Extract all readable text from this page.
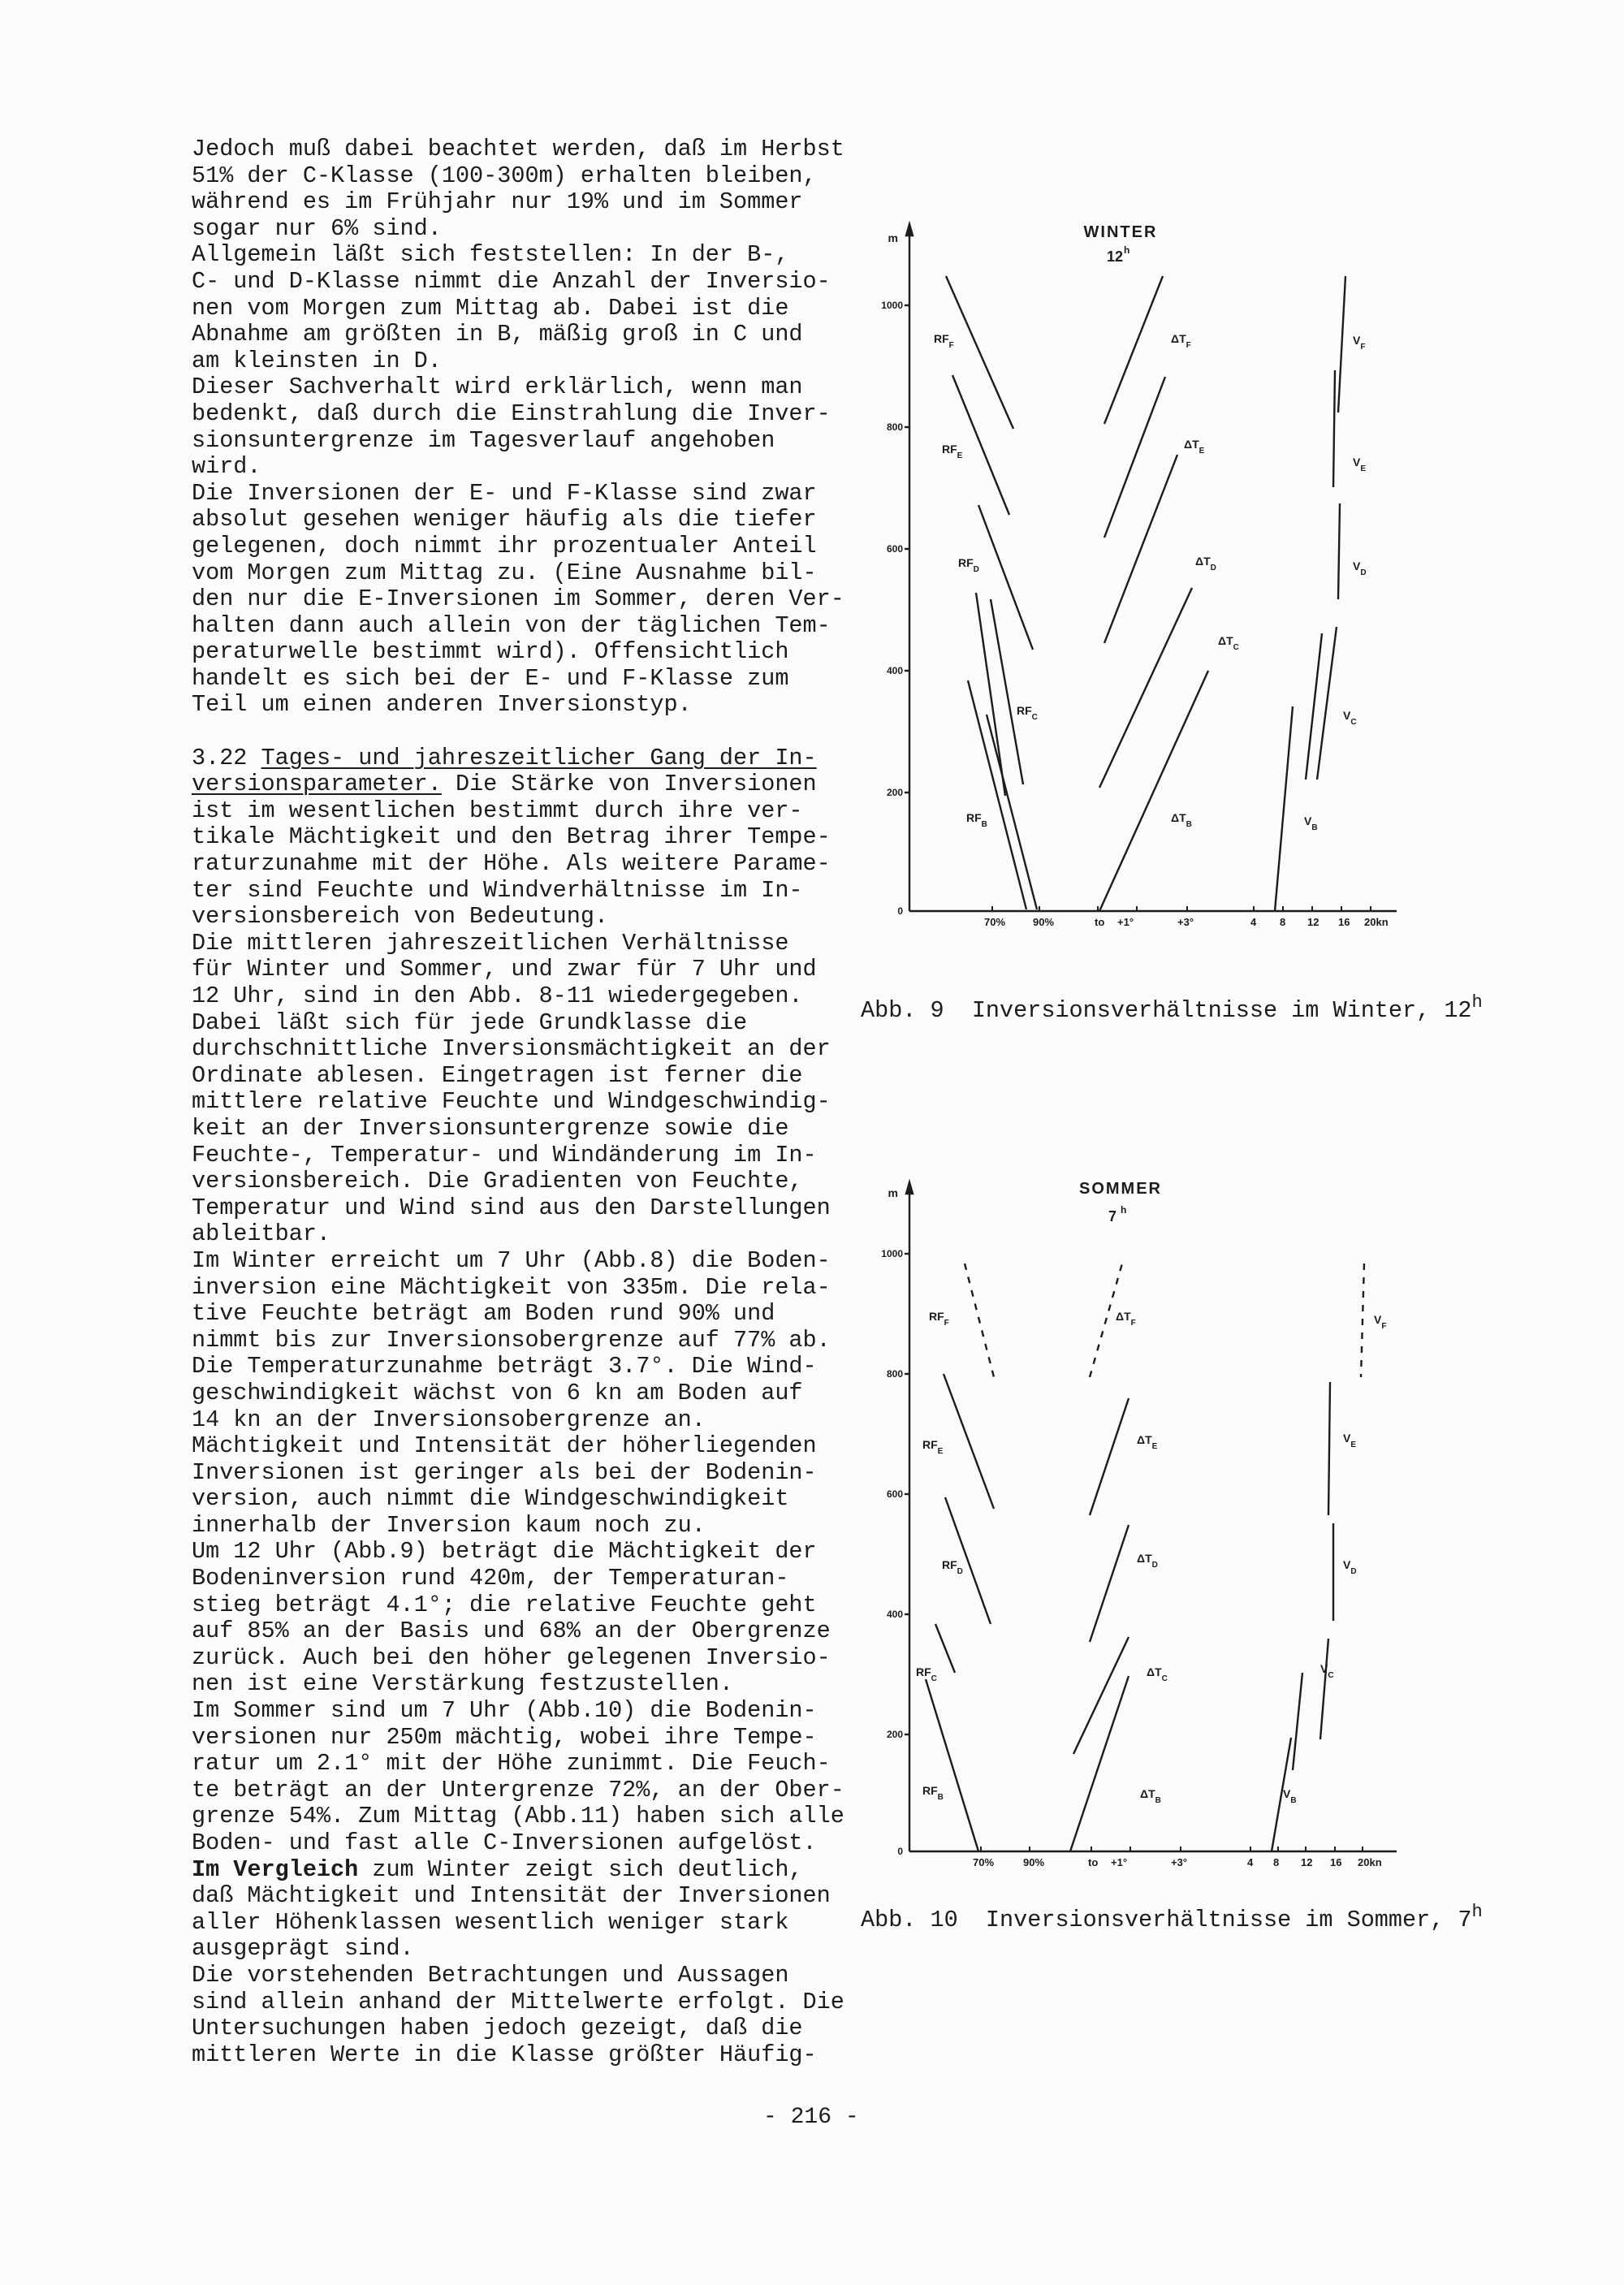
Jedoch muß dabei beachtet werden, daß im Herbst
51% der C-Klasse (100-300m) erhalten bleiben,
während es im Frühjahr nur 19% und im Sommer
sogar nur 6% sind.
Allgemein läßt sich feststellen: In der B-,
C- und D-Klasse nimmt die Anzahl der Inversio-
nen vom Morgen zum Mittag ab. Dabei ist die
Abnahme am größten in B, mäßig groß in C und
am kleinsten in D.
Dieser Sachverhalt wird erklärlich, wenn man
bedenkt, daß durch die Einstrahlung die Inver-
sionsuntergrenze im Tagesverlauf angehoben
wird.
Die Inversionen der E- und F-Klasse sind zwar
absolut gesehen weniger häufig als die tiefer
gelegenen, doch nimmt ihr prozentualer Anteil
vom Morgen zum Mittag zu. (Eine Ausnahme bil-
den nur die E-Inversionen im Sommer, deren Ver-
halten dann auch allein von der täglichen Tem-
peraturwelle bestimmt wird). Offensichtlich
handelt es sich bei der E- und F-Klasse zum
Teil um einen anderen Inversionstyp.
3.22 Tages- und jahreszeitlicher Gang der In-
versionsparameter. Die Stärke von Inversionen
ist im wesentlichen bestimmt durch ihre ver-
tikale Mächtigkeit und den Betrag ihrer Tempe-
raturzunahme mit der Höhe. Als weitere Parame-
ter sind Feuchte und Windverhältnisse im In-
versionsbereich von Bedeutung.
Die mittleren jahreszeitlichen Verhältnisse
für Winter und Sommer, und zwar für 7 Uhr und
12 Uhr, sind in den Abb. 8-11 wiedergegeben.
Dabei läßt sich für jede Grundklasse die
durchschnittliche Inversionsmächtigkeit an der
Ordinate ablesen. Eingetragen ist ferner die
mittlere relative Feuchte und Windgeschwindig-
keit an der Inversionsuntergrenze sowie die
Feuchte-, Temperatur- und Windänderung im In-
versionsbereich. Die Gradienten von Feuchte,
Temperatur und Wind sind aus den Darstellungen
ableitbar.
Im Winter erreicht um 7 Uhr (Abb.8) die Boden-
inversion eine Mächtigkeit von 335m. Die rela-
tive Feuchte beträgt am Boden rund 90% und
nimmt bis zur Inversionsobergrenze auf 77% ab.
Die Temperaturzunahme beträgt 3.7°. Die Wind-
geschwindigkeit wächst von 6 kn am Boden auf
14 kn an der Inversionsobergrenze an.
Mächtigkeit und Intensität der höherliegenden
Inversionen ist geringer als bei der Bodenin-
version, auch nimmt die Windgeschwindigkeit
innerhalb der Inversion kaum noch zu.
Um 12 Uhr (Abb.9) beträgt die Mächtigkeit der
Bodeninversion rund 420m, der Temperaturan-
stieg beträgt 4.1°; die relative Feuchte geht
auf 85% an der Basis und 68% an der Obergrenze
zurück. Auch bei den höher gelegenen Inversio-
nen ist eine Verstärkung festzustellen.
Im Sommer sind um 7 Uhr (Abb.10) die Bodenin-
versionen nur 250m mächtig, wobei ihre Tempe-
ratur um 2.1° mit der Höhe zunimmt. Die Feuch-
te beträgt an der Untergrenze 72%, an der Ober-
grenze 54%. Zum Mittag (Abb.11) haben sich alle
Boden- und fast alle C-Inversionen aufgelöst.
Im Vergleich zum Winter zeigt sich deutlich,
daß Mächtigkeit und Intensität der Inversionen
aller Höhenklassen wesentlich weniger stark
ausgeprägt sind.
Die vorstehenden Betrachtungen und Aussagen
sind allein anhand der Mittelwerte erfolgt. Die
Untersuchungen haben jedoch gezeigt, daß die
mittleren Werte in die Klasse größter Häufig-
m
1000
800
600
400
200
0
WINTER
12 h
70%	90%	to +1°	+3°	4 8 12 16 20kn
$RF_F$
$RF_E$
$RF_D$
$RF_C$
$RF_B$
$\Delta T_F$
$\Delta T_E$
$\Delta T_D$
$\Delta T_C$
$\Delta T_B$
$V_F$
$V_E$
$V_D$
$V_C$
$V_B$
Abb. 9  Inversionsverhältnisse im Winter, 12$^h$
m
1000
800
600
400
200
0
SOMMER
7 h
70%	90%	to +1°	+3°	4 8 12 16 20kn
$RF_F$
$RF_E$
$RF_D$
$RF_C$
$RF_B$
$\Delta T_F$
$\Delta T_E$
$\Delta T_D$
$\Delta T_C$
$\Delta T_B$
$V_F$
$V_E$
$V_D$
$V_C$
$V_B$
Abb. 10  Inversionsverhältnisse im Sommer, 7$^h$
- 216 -
